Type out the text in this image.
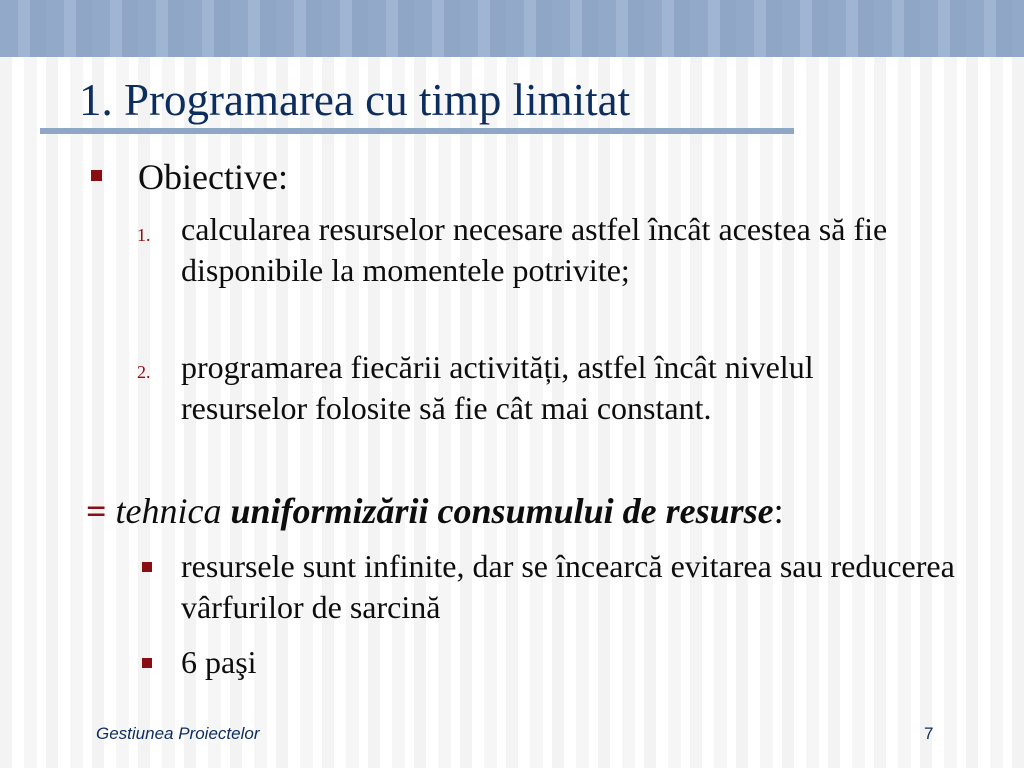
1. Programarea cu timp limitat
Obiective:
1. calcularea resurselor necesare astfel încât acestea să fie disponibile la momentele potrivite;
2. programarea fiecării activități, astfel încât nivelul resurselor folosite să fie cât mai constant.
= tehnica uniformizării consumului de resurse:
resursele sunt infinite, dar se încearcă evitarea sau reducerea vârfurilor de sarcină
6 paşi
Gestiunea Proiectelor	7
